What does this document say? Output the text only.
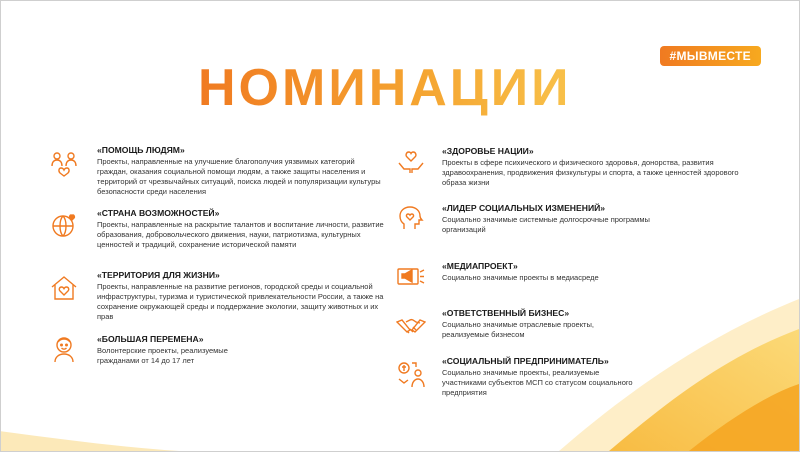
#МЫВМЕСТЕ
НОМИНАЦИИ
«ПОМОЩЬ ЛЮДЯМ»
Проекты, направленные на улучшение благополучия уязвимых категорий граждан, оказания социальной помощи людям, а также защиты населения и территорий от чрезвычайных ситуаций, поиска людей и популяризации культуры безопасности среди населения
«СТРАНА ВОЗМОЖНОСТЕЙ»
Проекты, направленные на раскрытие талантов и воспитание личности, развитие образования, добровольческого движения, науки, патриотизма, культурных ценностей и традиций, сохранение исторической памяти
«ТЕРРИТОРИЯ ДЛЯ ЖИЗНИ»
Проекты, направленные на развитие регионов, городской среды и социальной инфраструктуры, туризма и туристической привлекательности России, а также на сохранение окружающей среды и поддержание экологии, защиту животных и их прав
«БОЛЬШАЯ ПЕРЕМЕНА»
Волонтерские проекты, реализуемые гражданами от 14 до 17 лет
«ЗДОРОВЬЕ НАЦИИ»
Проекты в сфере психического и физического здоровья, донорства, развития здравоохранения, продвижения физкультуры и спорта, а также ценностей здорового образа жизни
«ЛИДЕР СОЦИАЛЬНЫХ ИЗМЕНЕНИЙ»
Социально значимые системные долгосрочные программы организаций
«МЕДИАПРОЕКТ»
Социально значимые проекты в медиасреде
«ОТВЕТСТВЕННЫЙ БИЗНЕС»
Социально значимые отраслевые проекты, реализуемые бизнесом
«СОЦИАЛЬНЫЙ ПРЕДПРИНИМАТЕЛЬ»
Социально значимые проекты, реализуемые участниками субъектов МСП со статусом социального предприятия
